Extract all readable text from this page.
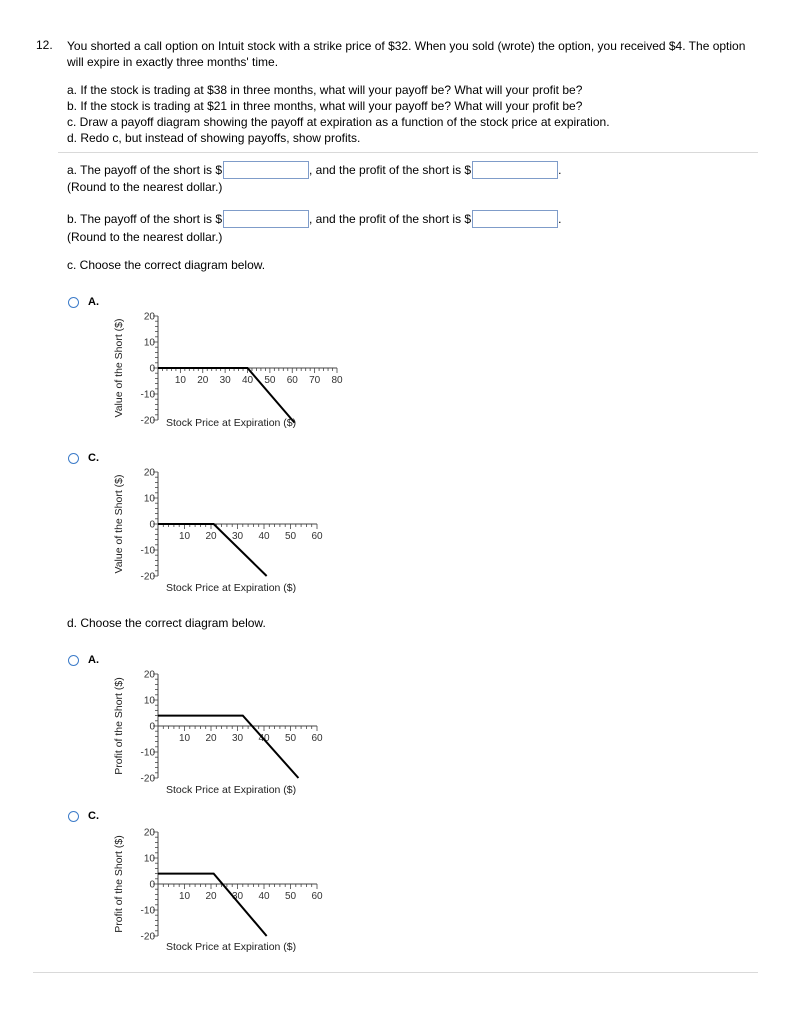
12. You shorted a call option on Intuit stock with a strike price of $32. When you sold (wrote) the option, you received $4. The option will expire in exactly three months' time.
a. If the stock is trading at $38 in three months, what will your payoff be? What will your profit be?
b. If the stock is trading at $21 in three months, what will your payoff be? What will your profit be?
c. Draw a payoff diagram showing the payoff at expiration as a function of the stock price at expiration.
d. Redo c, but instead of showing payoffs, show profits.
a. The payoff of the short is $	, and the profit of the short is $	.
(Round to the nearest dollar.)
b. The payoff of the short is $	, and the profit of the short is $	.
(Round to the nearest dollar.)
c. Choose the correct diagram below.
A.
Value of the Short ($)
20
10
0
-10
-20
10 20 30 40 50 60 70 80
Stock Price at Expiration ($)
C.
Value of the Short ($)
20
10
0
-10
-20
10 20 30 40 50 60
Stock Price at Expiration ($)
d. Choose the correct diagram below.
A.
Profit of the Short ($)
20
10
0
-10
-20
10 20 30 40 50 60
Stock Price at Expiration ($)
C.
Profit of the Short ($)
20
10
0
-10
-20
10 20 30 40 50 60
Stock Price at Expiration ($)
